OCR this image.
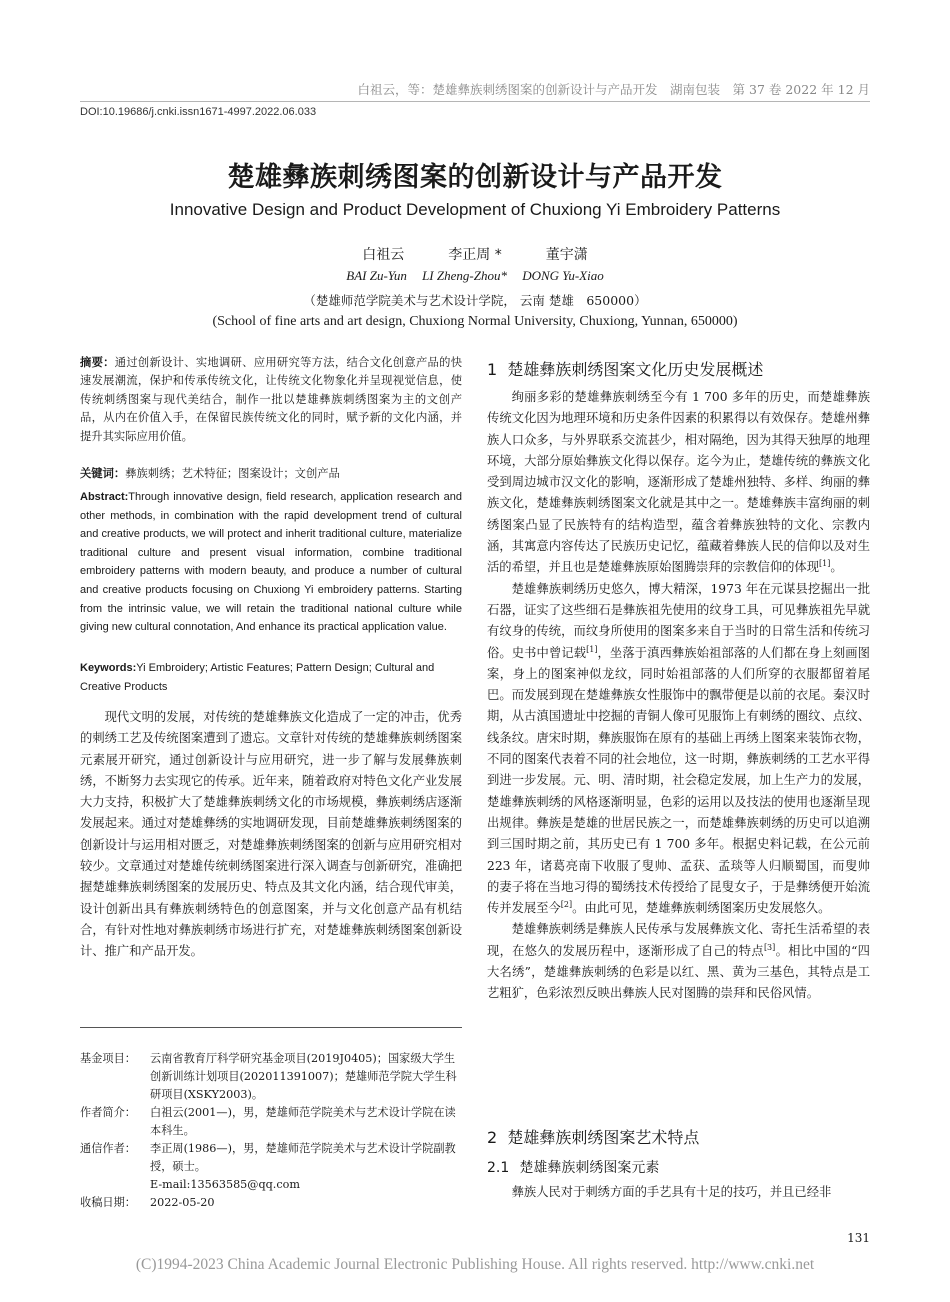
白祖云，等：楚雄彝族刺绣图案的创新设计与产品开发　湖南包装　第 37 卷 2022 年 12 月
DOI:10.19686/j.cnki.issn1671-4997.2022.06.033
楚雄彝族刺绣图案的创新设计与产品开发
Innovative Design and Product Development of Chuxiong Yi Embroidery Patterns
白祖云	李正周 *	董宇潇
BAI Zu-Yun LI Zheng-Zhou* DONG Yu-Xiao
（楚雄师范学院美术与艺术设计学院， 云南 楚雄　650000）
(School of fine arts and art design, Chuxiong Normal University, Chuxiong, Yunnan, 650000)
摘要：通过创新设计、实地调研、应用研究等方法，结合文化创意产品的快速发展潮流，保护和传承传统文化，让传统文化物象化并呈现视觉信息，使传统刺绣图案与现代美结合，制作一批以楚雄彝族刺绣图案为主的文创产品，从内在价值入手，在保留民族传统文化的同时，赋予新的文化内涵，并提升其实际应用价值。
关键词：彝族刺绣；艺术特征；图案设计；文创产品
Abstract:Through innovative design, field research, application research and other methods, in combination with the rapid development trend of cultural and creative products, we will protect and inherit traditional culture, materialize traditional culture and present visual information, combine traditional embroidery patterns with modern beauty, and produce a number of cultural and creative products focusing on Chuxiong Yi embroidery patterns. Starting from the intrinsic value, we will retain the traditional national culture while giving new cultural connotation, And enhance its practical application value.
Keywords:Yi Embroidery; Artistic Features; Pattern Design; Cultural and Creative Products

现代文明的发展，对传统的楚雄彝族文化造成了一定的冲击，优秀的刺绣工艺及传统图案遭到了遗忘。文章针对传统的楚雄彝族刺绣图案元素展开研究，通过创新设计与应用研究，进一步了解与发展彝族刺绣，不断努力去实现它的传承。近年来，随着政府对特色文化产业发展大力支持，积极扩大了楚雄彝族刺绣文化的市场规模，彝族刺绣店逐渐发展起来。通过对楚雄彝绣的实地调研发现，目前楚雄彝族刺绣图案的创新设计与运用相对匮乏，对楚雄彝族刺绣图案的创新与应用研究相对较少。文章通过对楚雄传统刺绣图案进行深入调查与创新研究，准确把握楚雄彝族刺绣图案的发展历史、特点及其文化内涵，结合现代审美，设计创新出具有彝族刺绣特色的创意图案，并与文化创意产品有机结合，有针对性地对彝族刺绣市场进行扩充，对楚雄彝族刺绣图案创新设计、推广和产品开发。

基金项目：	云南省教育厅科学研究基金项目(2019J0405)；国家级大学生创新训练计划项目(202011391007)；楚雄师范学院大学生科研项目(XSKY2003)。
作者简介：	白祖云(2001—)，男，楚雄师范学院美术与艺术设计学院在读本科生。
通信作者：	李正周(1986—)，男，楚雄师范学院美术与艺术设计学院副教授，硕士。
E-mail:13563585@qq.com
收稿日期：	2022-05-20
1 楚雄彝族刺绣图案文化历史发展概述

绚丽多彩的楚雄彝族刺绣至今有 1 700 多年的历史，而楚雄彝族传统文化因为地理环境和历史条件因素的积累得以有效保存。楚雄州彝族人口众多，与外界联系交流甚少，相对隔绝，因为其得天独厚的地理环境，大部分原始彝族文化得以保存。迄今为止，楚雄传统的彝族文化受到周边城市汉文化的影响，逐渐形成了楚雄州独特、多样、绚丽的彝族文化，楚雄彝族刺绣图案文化就是其中之一。楚雄彝族丰富绚丽的刺绣图案凸显了民族特有的结构造型，蕴含着彝族独特的文化、宗教内涵，其寓意内容传达了民族历史记忆，蕴藏着彝族人民的信仰以及对生活的希望，并且也是楚雄彝族原始图腾崇拜的宗教信仰的体现[1]。

楚雄彝族刺绣历史悠久，博大精深，1973 年在元谋县挖掘出一批石器，证实了这些细石是彝族祖先使用的纹身工具，可见彝族祖先早就有纹身的传统，而纹身所使用的图案多来自于当时的日常生活和传统习俗。史书中曾记载[1]，坐落于滇西彝族始祖部落的人们都在身上刻画图案，身上的图案神似龙纹，同时始祖部落的人们所穿的衣服都留着尾巴。而发展到现在楚雄彝族女性服饰中的飘带便是以前的衣尾。秦汉时期，从古滇国遗址中挖掘的青铜人像可见服饰上有刺绣的圈纹、点纹、线条纹。唐宋时期，彝族服饰在原有的基础上再绣上图案来装饰衣物，不同的图案代表着不同的社会地位，这一时期，彝族刺绣的工艺水平得到进一步发展。元、明、清时期，社会稳定发展，加上生产力的发展，楚雄彝族刺绣的风格逐渐明显，色彩的运用以及技法的使用也逐渐呈现出规律。彝族是楚雄的世居民族之一，而楚雄彝族刺绣的历史可以追溯到三国时期之前，其历史已有 1 700 多年。根据史料记载，在公元前 223 年，诸葛亮南下收服了叟帅、孟获、孟琰等人归顺蜀国，而叟帅的妻子将在当地习得的蜀绣技术传授给了昆叟女子，于是彝绣便开始流传并发展至今[2]。由此可见，楚雄彝族刺绣图案历史发展悠久。

楚雄彝族刺绣是彝族人民传承与发展彝族文化、寄托生活希望的表现，在悠久的发展历程中，逐渐形成了自己的特点[3]。相比中国的“四大名绣”，楚雄彝族刺绣的色彩是以红、黑、黄为三基色，其特点是工艺粗犷，色彩浓烈反映出彝族人民对图腾的崇拜和民俗风情。

2 楚雄彝族刺绣图案艺术特点
2.1 楚雄彝族刺绣图案元素

彝族人民对于刺绣方面的手艺具有十足的技巧，并且已经非

131
(C)1994-2023 China Academic Journal Electronic Publishing House. All rights reserved. http://www.cnki.net
